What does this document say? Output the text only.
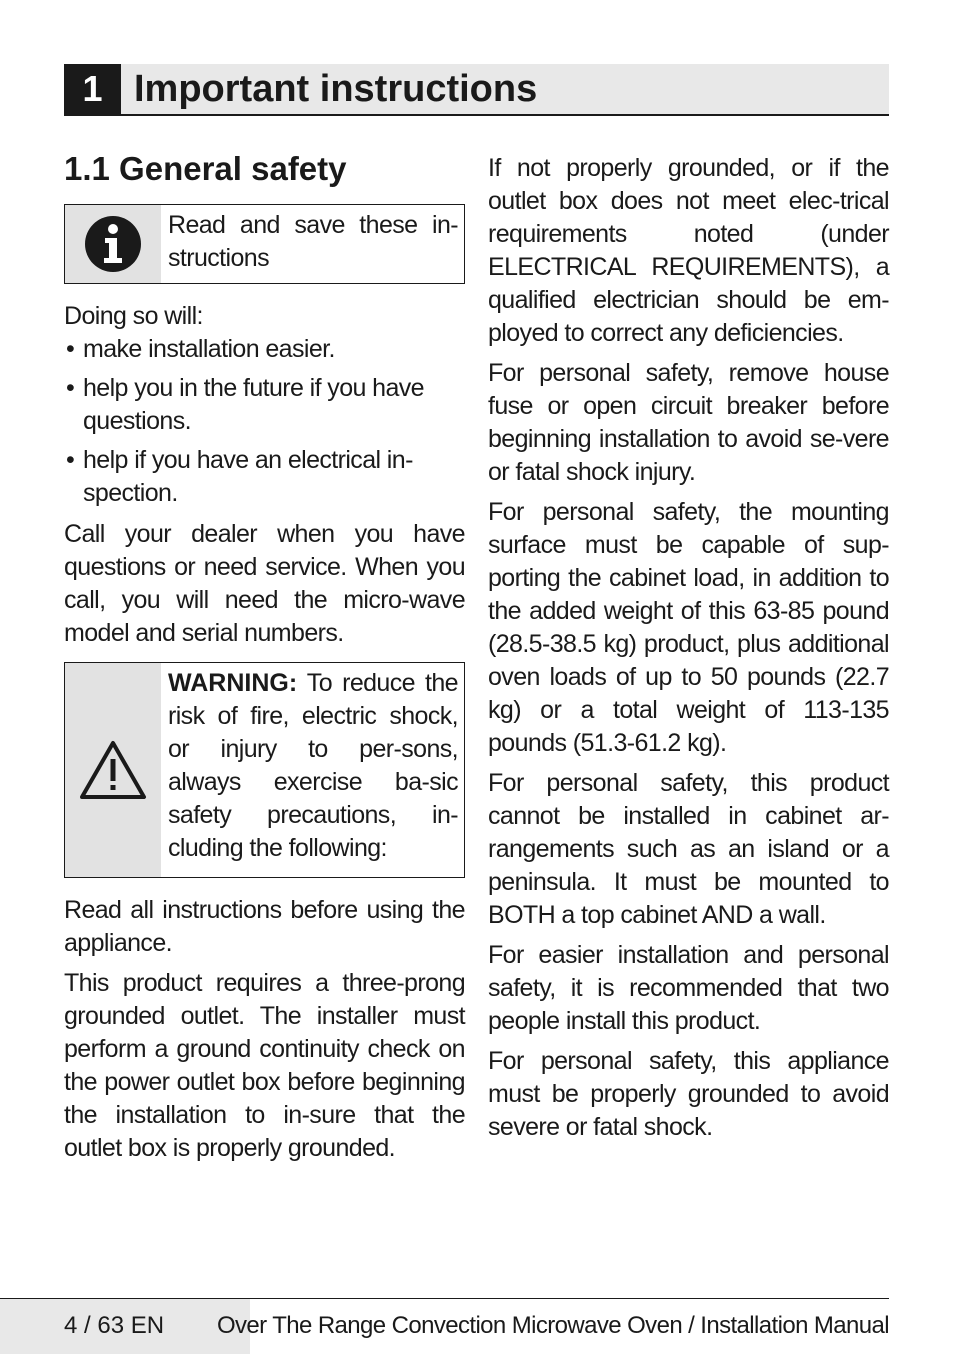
1 Important instructions
1.1 General safety
Read and save these in-structions

Doing so will:

• make installation easier.
• help you in the future if you have questions.
• help if you have an electrical in-spection.

Call your dealer when you have questions or need service. When you call, you will need the micro-wave model and serial numbers.

WARNING: To reduce the risk of fire, electric shock, or injury to per-sons, always exercise ba-sic safety precautions, in-cluding the following:

Read all instructions before using the appliance.

This product requires a three-prong grounded outlet. The installer must perform a ground continuity check on the power outlet box before beginning the installation to in-sure that the outlet box is properly grounded.

If not properly grounded, or if the outlet box does not meet elec-trical requirements noted (under ELECTRICAL REQUIREMENTS), a qualified electrician should be em-ployed to correct any deficiencies.

For personal safety, remove house fuse or open circuit breaker before beginning installation to avoid se-vere or fatal shock injury.

For personal safety, the mounting surface must be capable of sup-porting the cabinet load, in addition to the added weight of this 63-85 pound (28.5-38.5 kg) product, plus additional oven loads of up to 50 pounds (22.7 kg) or a total weight of 113-135 pounds (51.3-61.2 kg).

For personal safety, this product cannot be installed in cabinet ar-rangements such as an island or a peninsula. It must be mounted to BOTH a top cabinet AND a wall.

For easier installation and personal safety, it is recommended that two people install this product.

For personal safety, this appliance must be properly grounded to avoid severe or fatal shock.

4 / 63 EN Over The Range Convection Microwave Oven / Installation Manual
